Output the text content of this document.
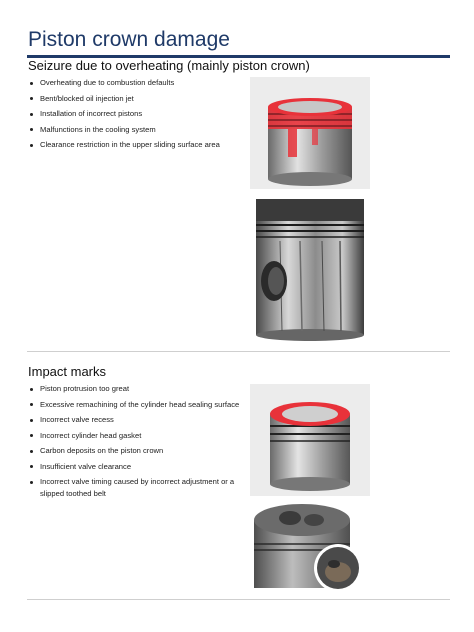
Piston crown damage
Seizure due to overheating (mainly piston crown)
Overheating due to combustion defaults
Bent/blocked oil injection jet
Installation of incorrect pistons
Malfunctions in the cooling system
Clearance restriction in the upper sliding surface area
Impact marks
Piston protrusion too great
Excessive remachining of the cylinder head sealing surface
Incorrect valve recess
Incorrect cylinder head gasket
Carbon deposits on the piston crown
Insufficient valve clearance
Incorrect valve timing caused by incorrect adjustment or a slipped toothed belt
